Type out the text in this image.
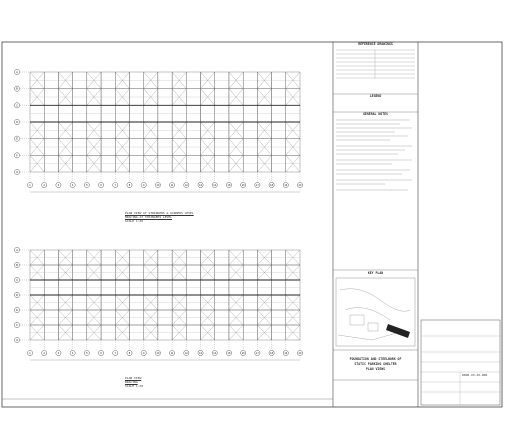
1	2	3	4	5	6	7	8	9	10	11	12	13	14	15	16	17	18	19	20
A
B
C
D
E
F
G
1	2	3	4	5	6	7	8	9	10	11	12	13	14	15	16	17	18	19	20
A
B
C
D
E
F
G
PLAN VIEW AT STRINGERS & GIRDERS LEVEL
BRACING AT STRINGERS LEVEL
SCALE 1:XX
PLAN VIEW
BRACING
SCALE 1:XX
REFERENCE DRAWINGS
LEGEND
GENERAL NOTES
KEY PLAN
FOUNDATION AND STEELWORK OF
STATIC PARKING SHELTER
PLAN VIEWS
0000-XX-XX-000
